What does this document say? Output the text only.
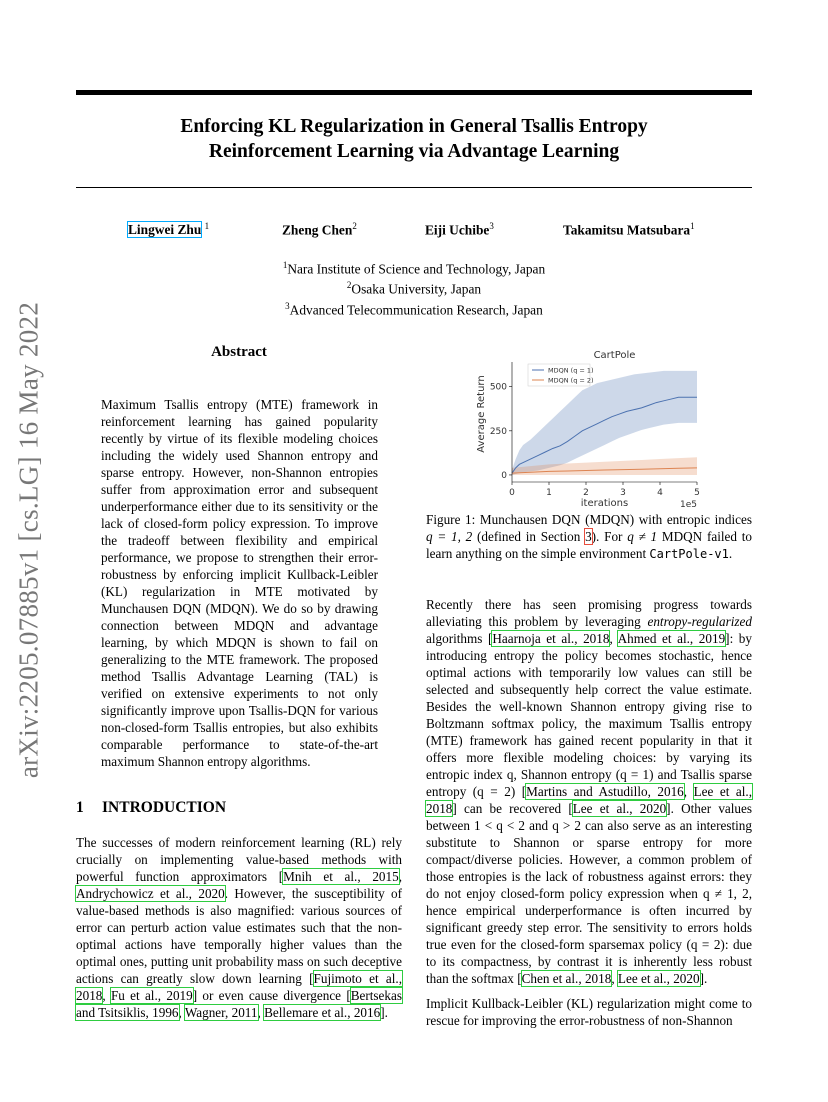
Enforcing KL Regularization in General Tsallis Entropy
Reinforcement Learning via Advantage Learning
arXiv:2205.07885v1 [cs.LG] 16 May 2022
Lingwei Zhu $^1$	Zheng Chen$^2$	Eiji Uchibe$^3$	Takamitsu Matsubara$^1$
$^1$Nara Institute of Science and Technology, Japan
$^2$Osaka University, Japan
$^3$Advanced Telecommunication Research, Japan
Abstract
Maximum Tsallis entropy (MTE) framework in reinforcement learning has gained popularity recently by virtue of its flexible modeling choices including the widely used Shannon entropy and sparse entropy. However, non-Shannon entropies suffer from approximation error and subsequent underperformance either due to its sensitivity or the lack of closed-form policy expression. To improve the tradeoff between flexibility and empirical performance, we propose to strengthen their error-robustness by enforcing implicit Kullback-Leibler (KL) regularization in MTE motivated by Munchausen DQN (MDQN). We do so by drawing connection between MDQN and advantage learning, by which MDQN is shown to fail on generalizing to the MTE framework. The proposed method Tsallis Advantage Learning (TAL) is verified on extensive experiments to not only significantly improve upon Tsallis-DQN for various non-closed-form Tsallis entropies, but also exhibits comparable performance to state-of-the-art maximum Shannon entropy algorithms.
1 INTRODUCTION
The successes of modern reinforcement learning (RL) rely crucially on implementing value-based methods with powerful function approximators [Mnih et al., 2015, Andrychowicz et al., 2020. However, the susceptibility of value-based methods is also magnified: various sources of error can perturb action value estimates such that the non-optimal actions have temporally higher values than the optimal ones, putting unit probability mass on such deceptive actions can greatly slow down learning [Fujimoto et al., 2018, Fu et al., 2019] or even cause divergence [Bertsekas and Tsitsiklis, 1996, Wagner, 2011, Bellemare et al., 2016].
0	1	2	3	4	5
0
250
500
iterations	1e5
Average Return
CartPole
MDQN (q = 1)
MDQN (q = 2)
Figure 1: Munchausen DQN (MDQN) with entropic indices q = 1, 2 (defined in Section 3). For q ≠ 1 MDQN failed to learn anything on the simple environment CartPole-v1.

Recently there has seen promising progress towards alleviating this problem by leveraging entropy-regularized algorithms [Haarnoja et al., 2018, Ahmed et al., 2019]: by introducing entropy the policy becomes stochastic, hence optimal actions with temporarily low values can still be selected and subsequently help correct the value estimate. Besides the well-known Shannon entropy giving rise to Boltzmann softmax policy, the maximum Tsallis entropy (MTE) framework has gained recent popularity in that it offers more flexible modeling choices: by varying its entropic index q, Shannon entropy (q = 1) and Tsallis sparse entropy (q = 2) [Martins and Astudillo, 2016, Lee et al., 2018] can be recovered [Lee et al., 2020]. Other values between 1 < q < 2 and q > 2 can also serve as an interesting substitute to Shannon or sparse entropy for more compact/diverse policies. However, a common problem of those entropies is the lack of robustness against errors: they do not enjoy closed-form policy expression when q ≠ 1, 2, hence empirical underperformance is often incurred by significant greedy step error. The sensitivity to errors holds true even for the closed-form sparsemax policy (q = 2): due to its compactness, by contrast it is inherently less robust than the softmax [Chen et al., 2018, Lee et al., 2020].

Implicit Kullback-Leibler (KL) regularization might come to rescue for improving the error-robustness of non-Shannon
